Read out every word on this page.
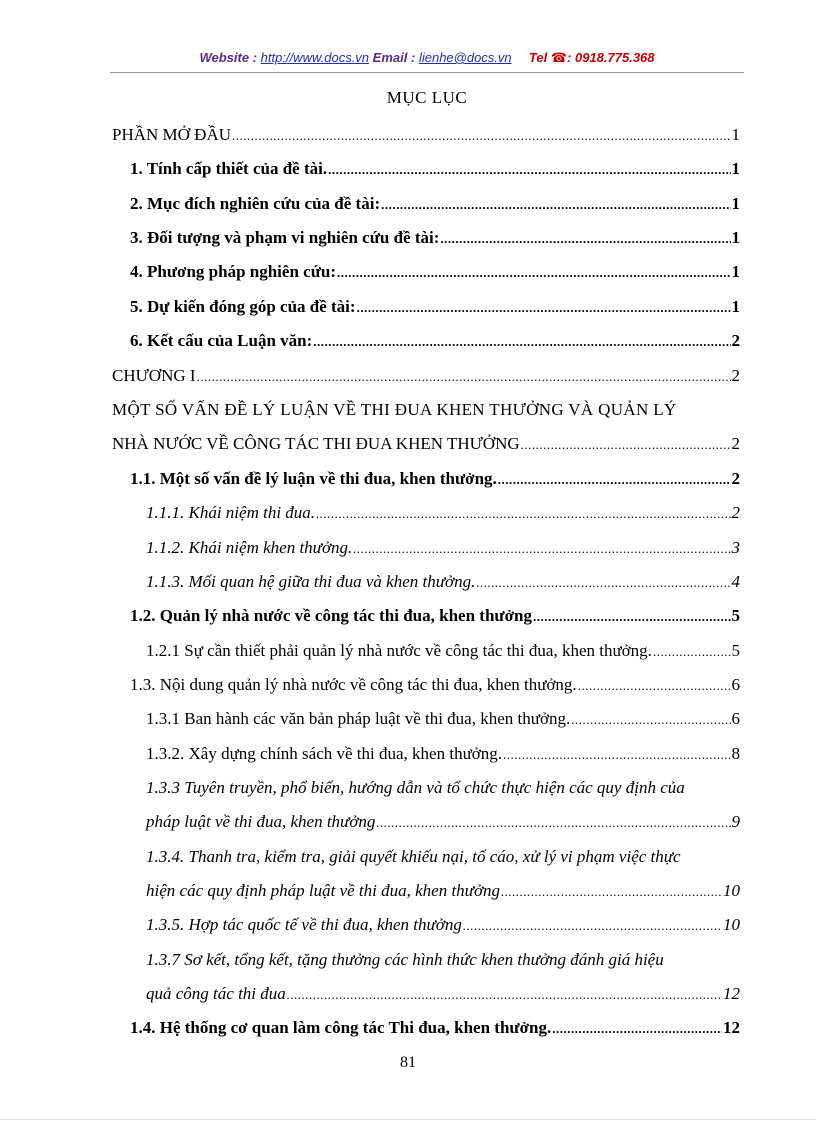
Website : http://www.docs.vn Email : lienhe@docs.vn Tel ☎: 0918.775.368
MỤC LỤC
PHẦN MỞ ĐẦU .....	1
1. Tính cấp thiết của đề tài. .....	1
2. Mục đích nghiên cứu của đề tài: .....	1
3. Đối tượng và phạm vi nghiên cứu đề tài: .....	1
4. Phương pháp nghiên cứu: .....	1
5. Dự kiến đóng góp của đề tài: .....	1
6. Kết cấu của Luận văn: .....	2
CHƯƠNG I .....	2
MỘT SỐ VẤN ĐỀ LÝ LUẬN VỀ THI ĐUA KHEN THƯỞNG VÀ QUẢN LÝ
NHÀ NƯỚC VỀ CÔNG TÁC THI ĐUA KHEN THƯỞNG .....	2
1.1. Một số vấn đề lý luận về thi đua, khen thưởng. .....	2
1.1.1. Khái niệm thi đua. .....	2
1.1.2. Khái niệm khen thưởng. .....	3
1.1.3. Mối quan hệ giữa thi đua và khen thưởng. .....	4
1.2. Quản lý nhà nước về công tác thi đua, khen thưởng .....	5
1.2.1 Sự cần thiết phải quản lý nhà nước về công tác thi đua, khen thưởng. .....	5
1.3. Nội dung quản lý nhà nước về công tác thi đua, khen thưởng. .....	6
1.3.1 Ban hành các văn bản pháp luật về thi đua, khen thưởng. .....	6
1.3.2. Xây dựng chính sách về thi đua, khen thưởng. .....	8
1.3.3 Tuyên truyền, phổ biến, hướng dẫn và tổ chức thực hiện các quy định của
pháp luật về thi đua, khen thưởng .....	9
1.3.4. Thanh tra, kiểm tra, giải quyết khiếu nại, tố cáo, xử lý vi phạm việc thực
hiện các quy định pháp luật về thi đua, khen thưởng .....	10
1.3.5. Hợp tác quốc tế về thi đua, khen thưởng .....	10
1.3.7 Sơ kết, tổng kết, tặng thưởng các hình thức khen thưởng đánh giá hiệu
quả công tác thi đua .....	12
1.4. Hệ thống cơ quan làm công tác Thi đua, khen thưởng. .....	12
81
